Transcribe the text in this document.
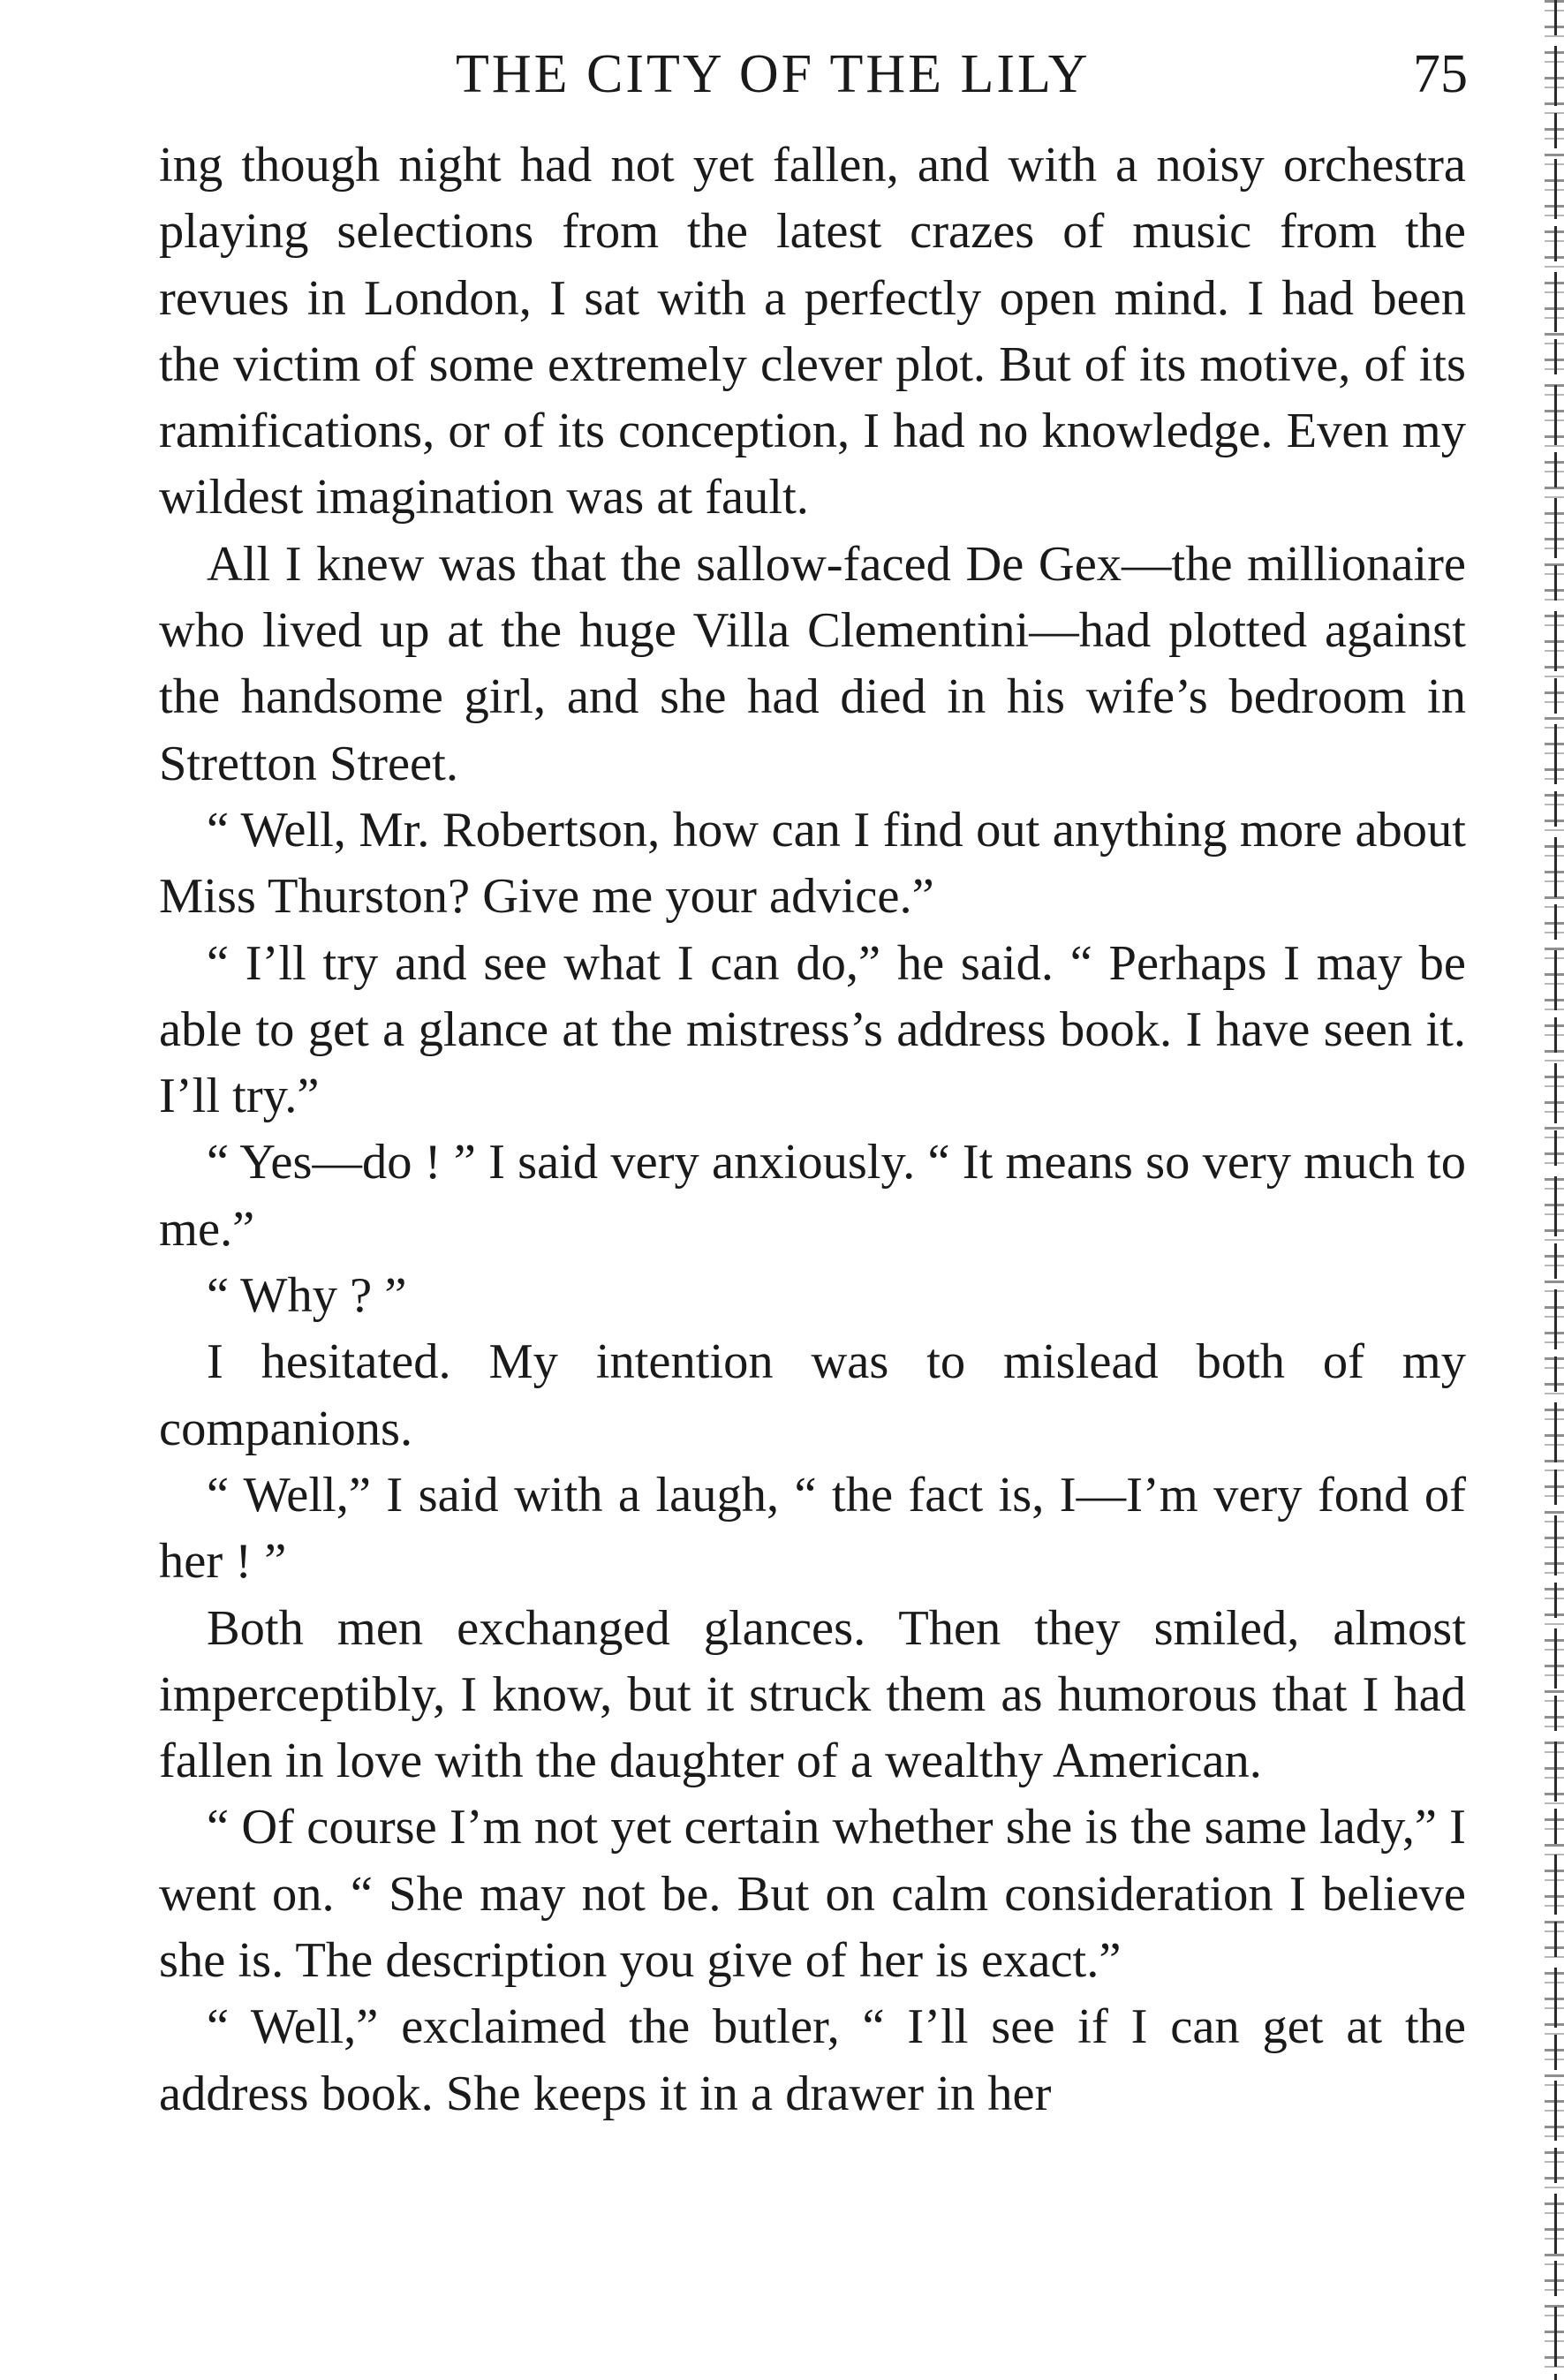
THE CITY OF THE LILY	75

ing though night had not yet fallen, and with a noisy orchestra playing selections from the latest crazes of music from the revues in London, I sat with a perfectly open mind. I had been the victim of some extremely clever plot. But of its motive, of its ramifications, or of its conception, I had no knowledge. Even my wildest imagination was at fault.

All I knew was that the sallow-faced De Gex—the millionaire who lived up at the huge Villa Clementini—had plotted against the handsome girl, and she had died in his wife’s bedroom in Stretton Street.

“ Well, Mr. Robertson, how can I find out anything more about Miss Thurston? Give me your advice.”

“ I’ll try and see what I can do,” he said. “ Perhaps I may be able to get a glance at the mistress’s address book. I have seen it. I’ll try.”

“ Yes—do ! ” I said very anxiously. “ It means so very much to me.”

“ Why ? ”

I hesitated. My intention was to mislead both of my companions.

“ Well,” I said with a laugh, “ the fact is, I—I’m very fond of her ! ”

Both men exchanged glances. Then they smiled, almost imperceptibly, I know, but it struck them as humorous that I had fallen in love with the daughter of a wealthy American.

“ Of course I’m not yet certain whether she is the same lady,” I went on. “ She may not be. But on calm consideration I believe she is. The description you give of her is exact.”

“ Well,” exclaimed the butler, “ I’ll see if I can get at the address book. She keeps it in a drawer in her
